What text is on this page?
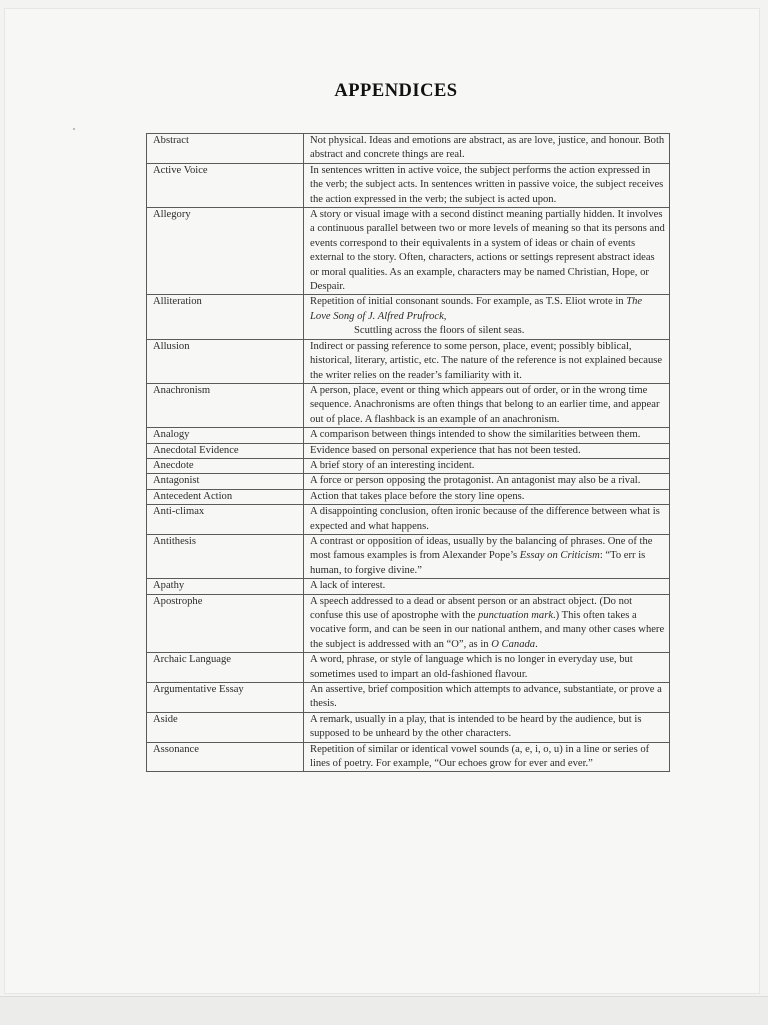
APPENDICES
Abstract	Not physical. Ideas and emotions are abstract, as are love, justice, and honour. Both abstract and concrete things are real.
Active Voice	In sentences written in active voice, the subject performs the action expressed in the verb; the subject acts. In sentences written in passive voice, the subject receives the action expressed in the verb; the subject is acted upon.
Allegory	A story or visual image with a second distinct meaning partially hidden. It involves a continuous parallel between two or more levels of meaning so that its persons and events correspond to their equivalents in a system of ideas or chain of events external to the story. Often, characters, actions or settings represent abstract ideas or moral qualities. As an example, characters may be named Christian, Hope, or Despair.
Alliteration	Repetition of initial consonant sounds. For example, as T.S. Eliot wrote in The Love Song of J. Alfred Prufrock,
Scuttling across the floors of silent seas.

Allusion	Indirect or passing reference to some person, place, event; possibly biblical, historical, literary, artistic, etc. The nature of the reference is not explained because the writer relies on the reader’s familiarity with it.
Anachronism	A person, place, event or thing which appears out of order, or in the wrong time sequence. Anachronisms are often things that belong to an earlier time, and appear out of place. A flashback is an example of an anachronism.
Analogy	A comparison between things intended to show the similarities between them.
Anecdotal Evidence	Evidence based on personal experience that has not been tested.
Anecdote	A brief story of an interesting incident.
Antagonist	A force or person opposing the protagonist. An antagonist may also be a rival.
Antecedent Action	Action that takes place before the story line opens.
Anti-climax	A disappointing conclusion, often ironic because of the difference between what is expected and what happens.
Antithesis	A contrast or opposition of ideas, usually by the balancing of phrases. One of the most famous examples is from Alexander Pope’s Essay on Criticism: “To err is human, to forgive divine.”
Apathy	A lack of interest.
Apostrophe	A speech addressed to a dead or absent person or an abstract object. (Do not confuse this use of apostrophe with the punctuation mark.) This often takes a vocative form, and can be seen in our national anthem, and many other cases where the subject is addressed with an “O”, as in O Canada.
Archaic Language	A word, phrase, or style of language which is no longer in everyday use, but sometimes used to impart an old-fashioned flavour.
Argumentative Essay	An assertive, brief composition which attempts to advance, substantiate, or prove a thesis.
Aside	A remark, usually in a play, that is intended to be heard by the audience, but is supposed to be unheard by the other characters.
Assonance	Repetition of similar or identical vowel sounds (a, e, i, o, u) in a line or series of lines of poetry. For example, “Our echoes grow for ever and ever.”
